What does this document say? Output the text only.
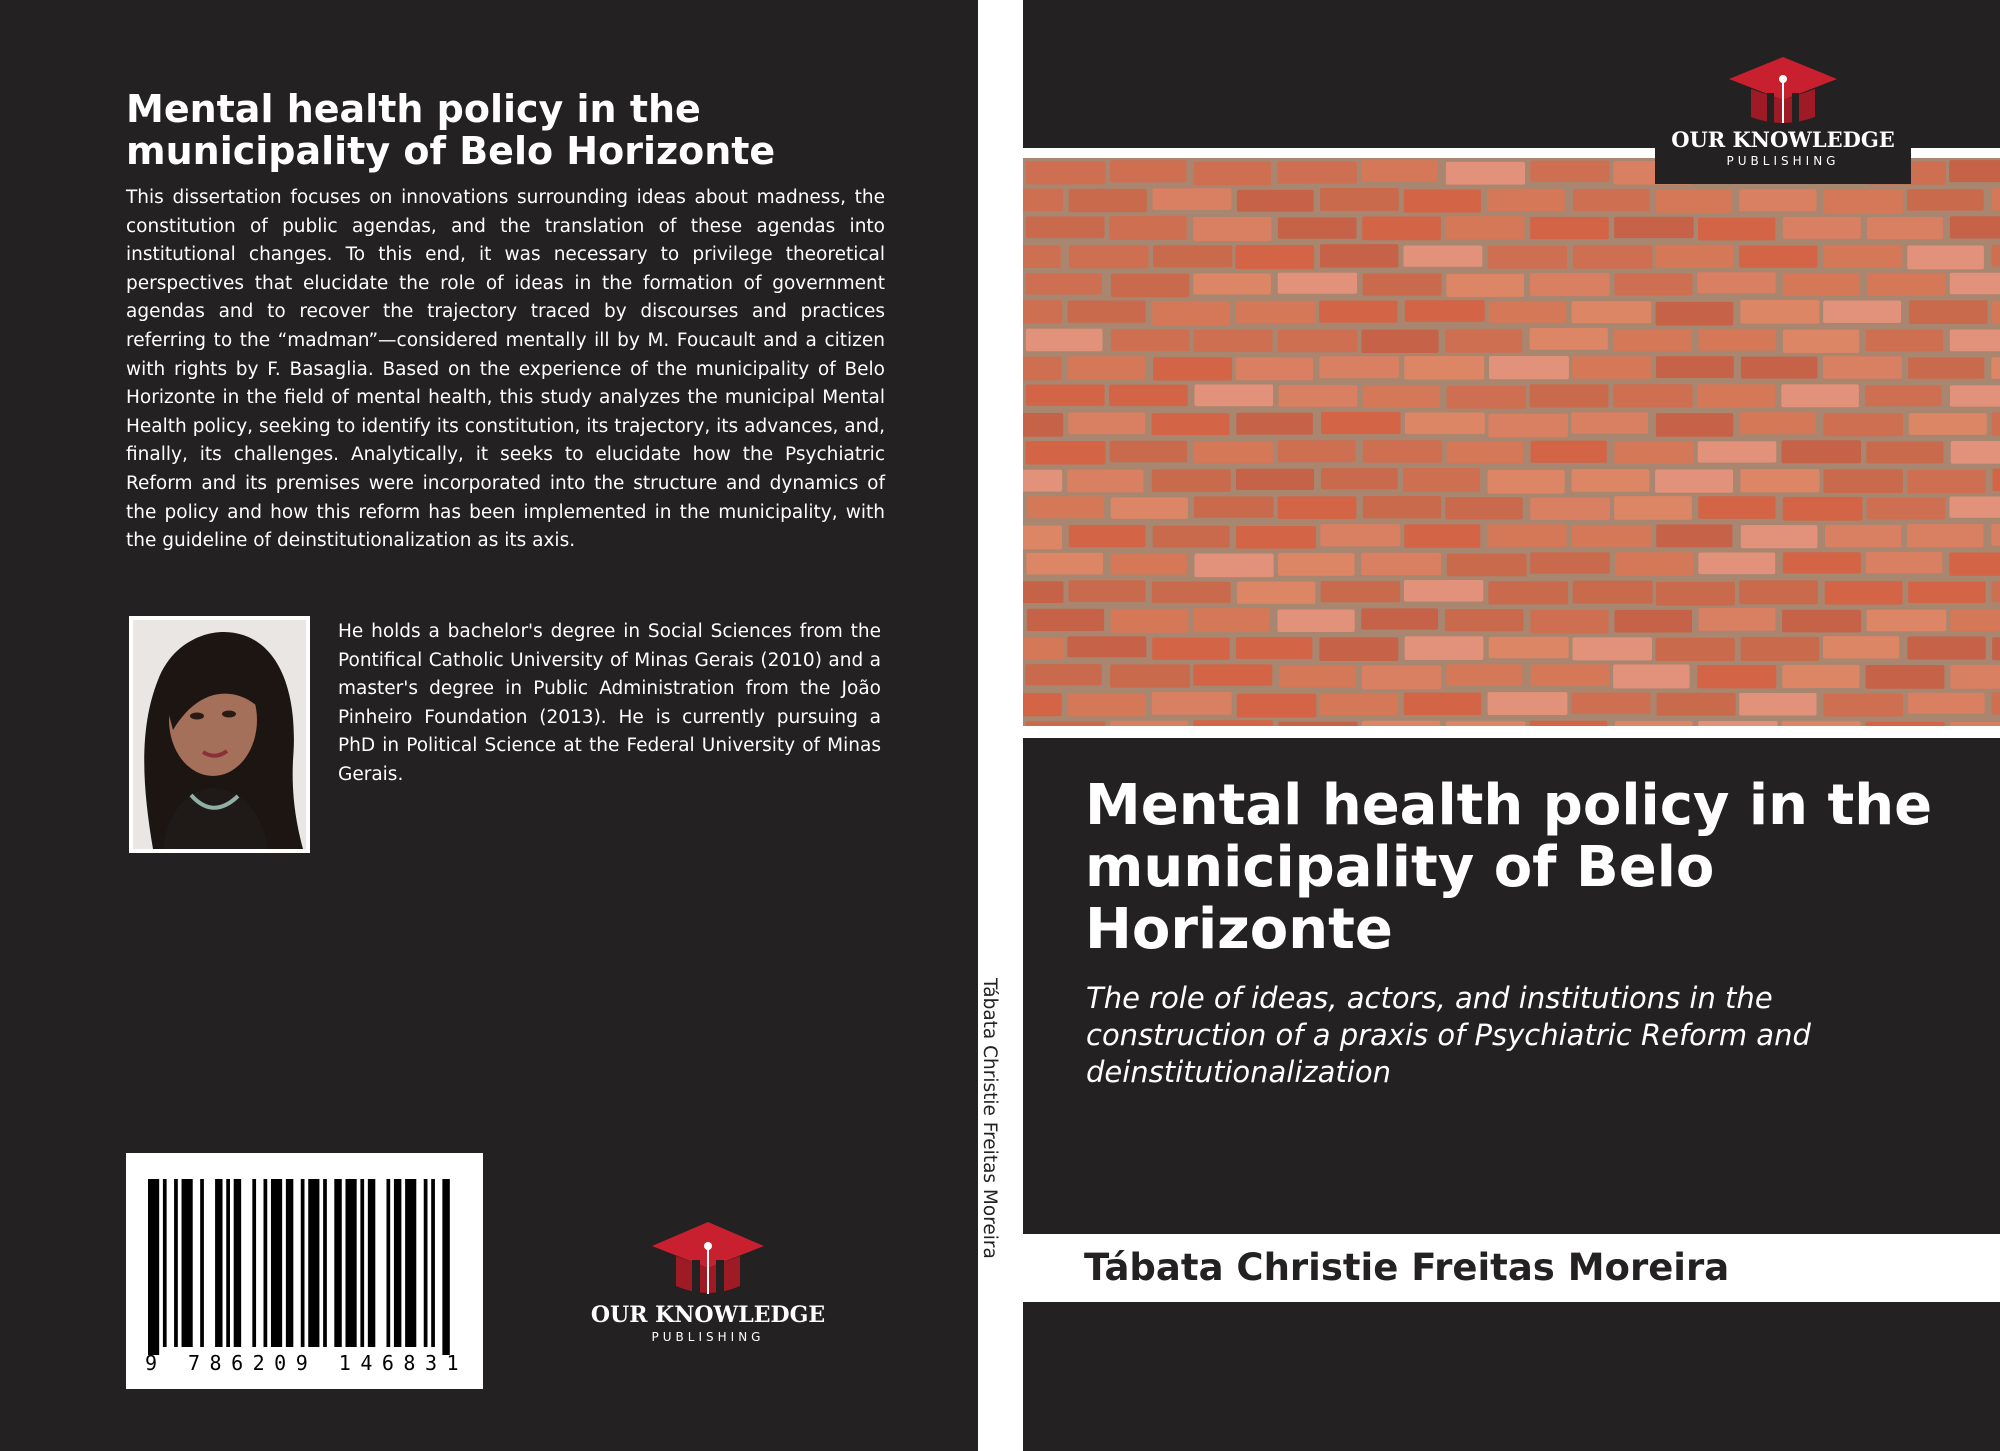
Mental health policy in the municipality of Belo Horizonte
This dissertation focuses on innovations surrounding ideas about madness, the constitution of public agendas, and the translation of these agendas into institutional changes. To this end, it was necessary to privilege theoretical perspectives that elucidate the role of ideas in the formation of government agendas and to recover the trajectory traced by discourses and practices referring to the “madman”—considered mentally ill by M. Foucault and a citizen with rights by F. Basaglia. Based on the experience of the municipality of Belo Horizonte in the field of mental health, this study analyzes the municipal Mental Health policy, seeking to identify its constitution, its trajectory, its advances, and, finally, its challenges. Analytically, it seeks to elucidate how the Psychiatric Reform and its premises were incorporated into the structure and dynamics of the policy and how this reform has been implemented in the municipality, with the guideline of deinstitutionalization as its axis.
He holds a bachelor's degree in Social Sciences from the Pontifical Catholic University of Minas Gerais (2010) and a master's degree in Public Administration from the João Pinheiro Foundation (2013). He is currently pursuing a PhD in Political Science at the Federal University of Minas Gerais.
9 786209 146831
OUR KNOWLEDGE
PUBLISHING
Tábata Christie Freitas Moreira
OUR KNOWLEDGE
PUBLISHING
Mental health policy in the municipality of Belo Horizonte
The role of ideas, actors, and institutions in the construction of a praxis of Psychiatric Reform and deinstitutionalization
Tábata Christie Freitas Moreira
